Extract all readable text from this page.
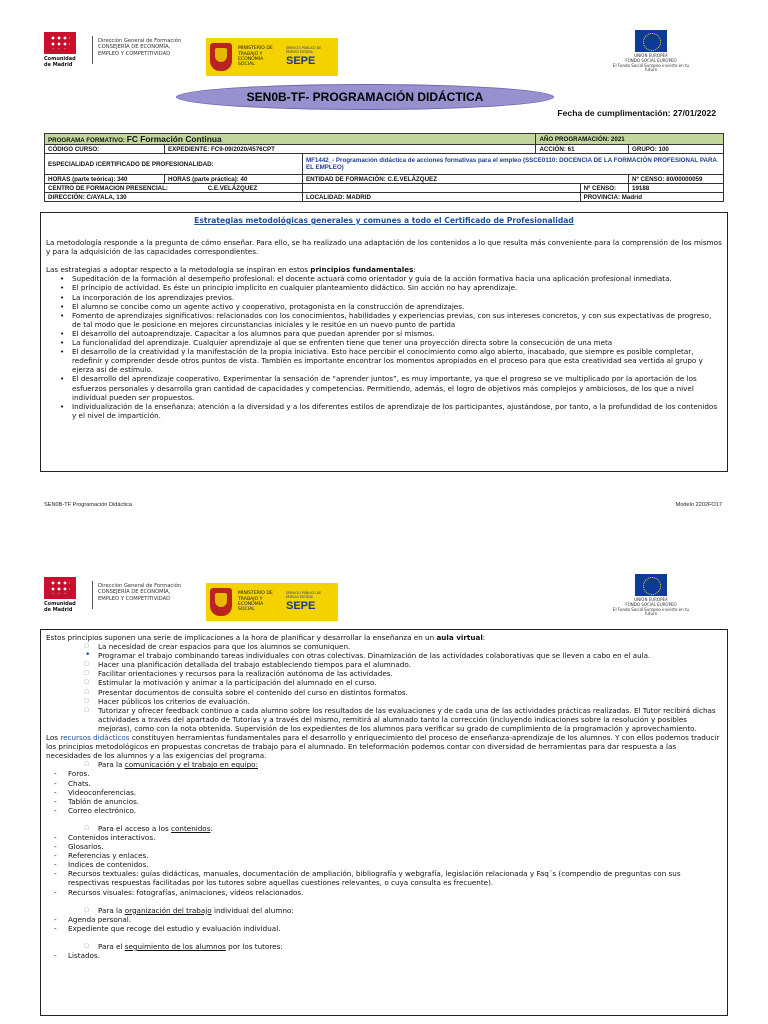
Comunidad de Madrid
Dirección General de Formación
CONSEJERÍA DE ECONOMÍA,
EMPLEO Y COMPETITIVIDAD
MINISTERIO DE TRABAJO Y ECONOMÍA SOCIAL
SERVICIO PÚBLICO DE EMPLEO ESTATAL
SEPE	UNIÓN EUROPEA
FONDO SOCIAL EUROPEO
El Fondo Social Europeo invierte en tu futuro
SEN0B-TF- PROGRAMACIÓN DIDÁCTICA
Fecha de cumplimentación: 27/01/2022
PROGRAMA FORMATIVO: FC Formación Continua			AÑO PROGRAMACIÓN: 2021		
CÓDIGO CURSO:	EXPEDIENTE: FC9-09/2020/4576CPT		ACCIÓN: 61		GRUPO: 100
ESPECIALIDAD /CERTIFICADO DE PROFESIONALIDAD:		MF1442_- Programación didáctica de acciones formativas para el empleo (SSCE0110: DOCENCIA DE LA FORMACIÓN PROFESIONAL PARA EL EMPLEO)			
HORAS (parte teórica): 340	HORAS (parte práctica): 40	ENTIDAD DE FORMACIÓN: C.E.VELÁZQUEZ			Nº CENSO: 80/00000059
CENTRO DE FORMACION PRESENCIAL: C.E.VELÁZQUEZ				Nº CENSO:	19188
DIRECCIÓN: C/AYALA, 130		LOCALIDAD: MADRID		PROVINCIA: Madrid	
Estrategias metodológicas generales y comunes a todo el Certificado de Profesionalidad
La metodología responde a la pregunta de cómo enseñar. Para ello, se ha realizado una adaptación de los contenidos a lo que resulta más conveniente para la comprensión de los mismos y para la adquisición de las capacidades correspondientes.
Las estrategias a adoptar respecto a la metodología se inspiran en estos principios fundamentales:
• Supeditación de la formación al desempeño profesional: el docente actuará como orientador y guía de la acción formativa hacia una aplicación profesional inmediata.
• El principio de actividad. Es éste un principio implícito en cualquier planteamiento didáctico. Sin acción no hay aprendizaje.
• La incorporación de los aprendizajes previos.
• El alumno se concibe como un agente activo y cooperativo, protagonista en la construcción de aprendizajes.
• Fomento de aprendizajes significativos: relacionados con los conocimientos, habilidades y experiencias previas, con sus intereses concretos, y con sus expectativas de progreso, de tal modo que le posicione en mejores circunstancias iniciales y le resitúe en un nuevo punto de partida
• El desarrollo del autoaprendizaje. Capacitar a los alumnos para que puedan aprender por sí mismos.
• La funcionalidad del aprendizaje. Cualquier aprendizaje al que se enfrenten tiene que tener una proyección directa sobre la consecución de una meta
• El desarrollo de la creatividad y la manifestación de la propia iniciativa. Esto hace percibir el conocimiento como algo abierto, inacabado, que siempre es posible completar, redefinir y comprender desde otros puntos de vista. También es importante encontrar los momentos apropiados en el proceso para que esta creatividad sea vertida al grupo y ejerza así de estímulo.
• El desarrollo del aprendizaje cooperativo. Experimentar la sensación de “aprender juntos”, es muy importante, ya que el progreso se ve multiplicado por la aportación de los esfuerzos personales y desarrolla gran cantidad de capacidades y competencias. Permitiendo, además, el logro de objetivos más complejos y ambiciosos, de los que a nivel individual pueden ser propuestos.
• Individualización de la enseñanza: atención a la diversidad y a los diferentes estilos de aprendizaje de los participantes, ajustándose, por tanto, a la profundidad de los contenidos y el nivel de impartición.
SEN0B-TF Programación Didáctica	Modelo 2202FO17
Comunidad de Madrid
Dirección General de Formación
CONSEJERÍA DE ECONOMÍA,
EMPLEO Y COMPETITIVIDAD
MINISTERIO DE TRABAJO Y ECONOMÍA SOCIAL
SERVICIO PÚBLICO DE EMPLEO ESTATAL
SEPE
UNIÓN EUROPEA
FONDO SOCIAL EUROPEO
El Fondo Social Europeo invierte en tu futuro
Estos principios suponen una serie de implicaciones a la hora de planificar y desarrollar la enseñanza en un aula virtual:
□ La necesidad de crear espacios para que los alumnos se comuniquen.
• Programar el trabajo combinando tareas individuales con otras colectivas. Dinamización de las actividades colaborativas que se lleven a cabo en el aula.
□ Hacer una planificación detallada del trabajo estableciendo tiempos para el alumnado.
□ Facilitar orientaciones y recursos para la realización autónoma de las actividades.
□ Estimular la motivación y animar a la participación del alumnado en el curso.
□ Presentar documentos de consulta sobre el contenido del curso en distintos formatos.
□ Hacer públicos los criterios de evaluación.
□ Tutorizar y ofrecer feedback continuo a cada alumno sobre los resultados de las evaluaciones y de cada una de las actividades prácticas realizadas. El Tutor recibirá dichas actividades a través del apartado de Tutorías y a través del mismo, remitirá al alumnado tanto la corrección (incluyendo indicaciones sobre la resolución y posibles mejoras), como con la nota obtenida. Supervisión de los expedientes de los alumnos para verificar su grado de cumplimiento de la programación y aprovechamiento.
Los recursos didácticos constituyen herramientas fundamentales para el desarrollo y enriquecimiento del proceso de enseñanza-aprendizaje de los alumnos. Y con ellos podemos traducir los principios metodológicos en propuestas concretas de trabajo para el alumnado. En teleformación podemos contar con diversidad de herramientas para dar respuesta a las necesidades de los alumnos y a las exigencias del programa.
□ Para la comunicación y el trabajo en equipo:
- Foros.
- Chats.
- Videoconferencias.
- Tablón de anuncios.
- Correo electrónico.
□ Para el acceso a los contenidos:
- Contenidos interactivos.
- Glosarios.
- Referencias y enlaces.
- Índices de contenidos.
- Recursos textuales: guías didácticas, manuales, documentación de ampliación, bibliografía y webgrafía, legislación relacionada y Faq´s (compendio de preguntas con sus respectivas respuestas facilitadas por los tutores sobre aquellas cuestiones relevantes, o cuya consulta es frecuente).
- Recursos visuales: fotografías, animaciones, vídeos relacionados.
□ Para la organización del trabajo individual del alumno:
- Agenda personal.
- Expediente que recoge del estudio y evaluación individual.
□ Para el seguimiento de los alumnos por los tutores:
- Listados.
